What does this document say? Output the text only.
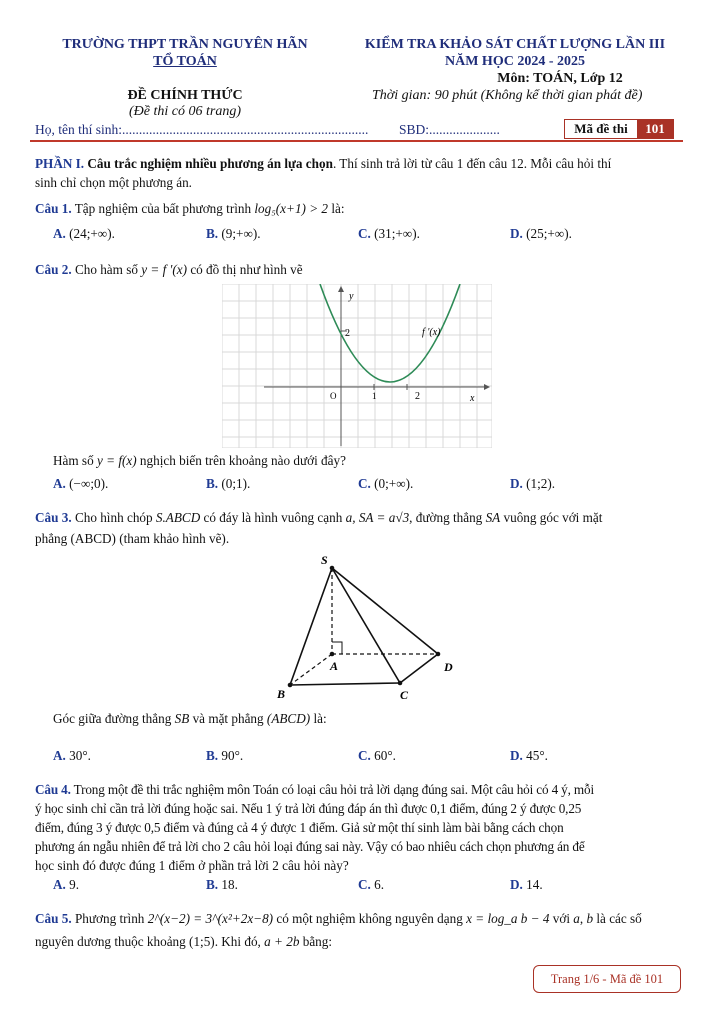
TRƯỜNG THPT TRẦN NGUYÊN HÃN
TỔ TOÁN
KIỂM TRA KHẢO SÁT CHẤT LƯỢNG LẦN III
NĂM HỌC 2024 - 2025
Môn: TOÁN, Lớp 12
ĐỀ CHÍNH THỨC
(Đề thi có 06 trang)
Thời gian: 90 phút (Không kể thời gian phát đề)
Họ, tên thí sinh:......................................................................... SBD:.....................	Mã đề thi	101
PHẦN I. Câu trắc nghiệm nhiều phương án lựa chọn. Thí sinh trả lời từ câu 1 đến câu 12. Mỗi câu hỏi thí
sinh chỉ chọn một phương án.
Câu 1. Tập nghiệm của bất phương trình log₅(x+1) > 2 là:
A. (24;+∞).	B. (9;+∞).	C. (31;+∞).	D. (25;+∞).
Câu 2. Cho hàm số y = f '(x) có đồ thị như hình vẽ
y
x
f '(x)
O
2
1	2
Hàm số y = f(x) nghịch biến trên khoảng nào dưới đây?
A. (−∞;0).	B. (0;1).	C. (0;+∞).	D. (1;2).
Câu 3. Cho hình chóp S.ABCD có đáy là hình vuông cạnh a, SA = a√3, đường thẳng SA vuông góc với mặt
phẳng (ABCD) (tham khảo hình vẽ).
S
A
B	C
D
Góc giữa đường thẳng SB và mặt phẳng (ABCD) là:
A. 30°.	B. 90°.	C. 60°.	D. 45°.
Câu 4. Trong một đề thi trắc nghiệm môn Toán có loại câu hỏi trả lời dạng đúng sai. Một câu hỏi có 4 ý, mỗi
ý học sinh chỉ cần trả lời đúng hoặc sai. Nếu 1 ý trả lời đúng đáp án thì được 0,1 điểm, đúng 2 ý được 0,25
điểm, đúng 3 ý được 0,5 điểm và đúng cả 4 ý được 1 điểm. Giả sử một thí sinh làm bài bằng cách chọn
phương án ngẫu nhiên để trả lời cho 2 câu hỏi loại đúng sai này. Vậy có bao nhiêu cách chọn phương án để
học sinh đó được đúng 1 điểm ở phần trả lời 2 câu hỏi này?
A. 9.	B. 18.	C. 6.	D. 14.
Câu 5. Phương trình 2^(x−2) = 3^(x²+2x−8) có một nghiệm không nguyên dạng x = log_a b − 4 với a, b là các số
nguyên dương thuộc khoảng (1;5). Khi đó, a + 2b bằng:
Trang 1/6 - Mã đề 101
